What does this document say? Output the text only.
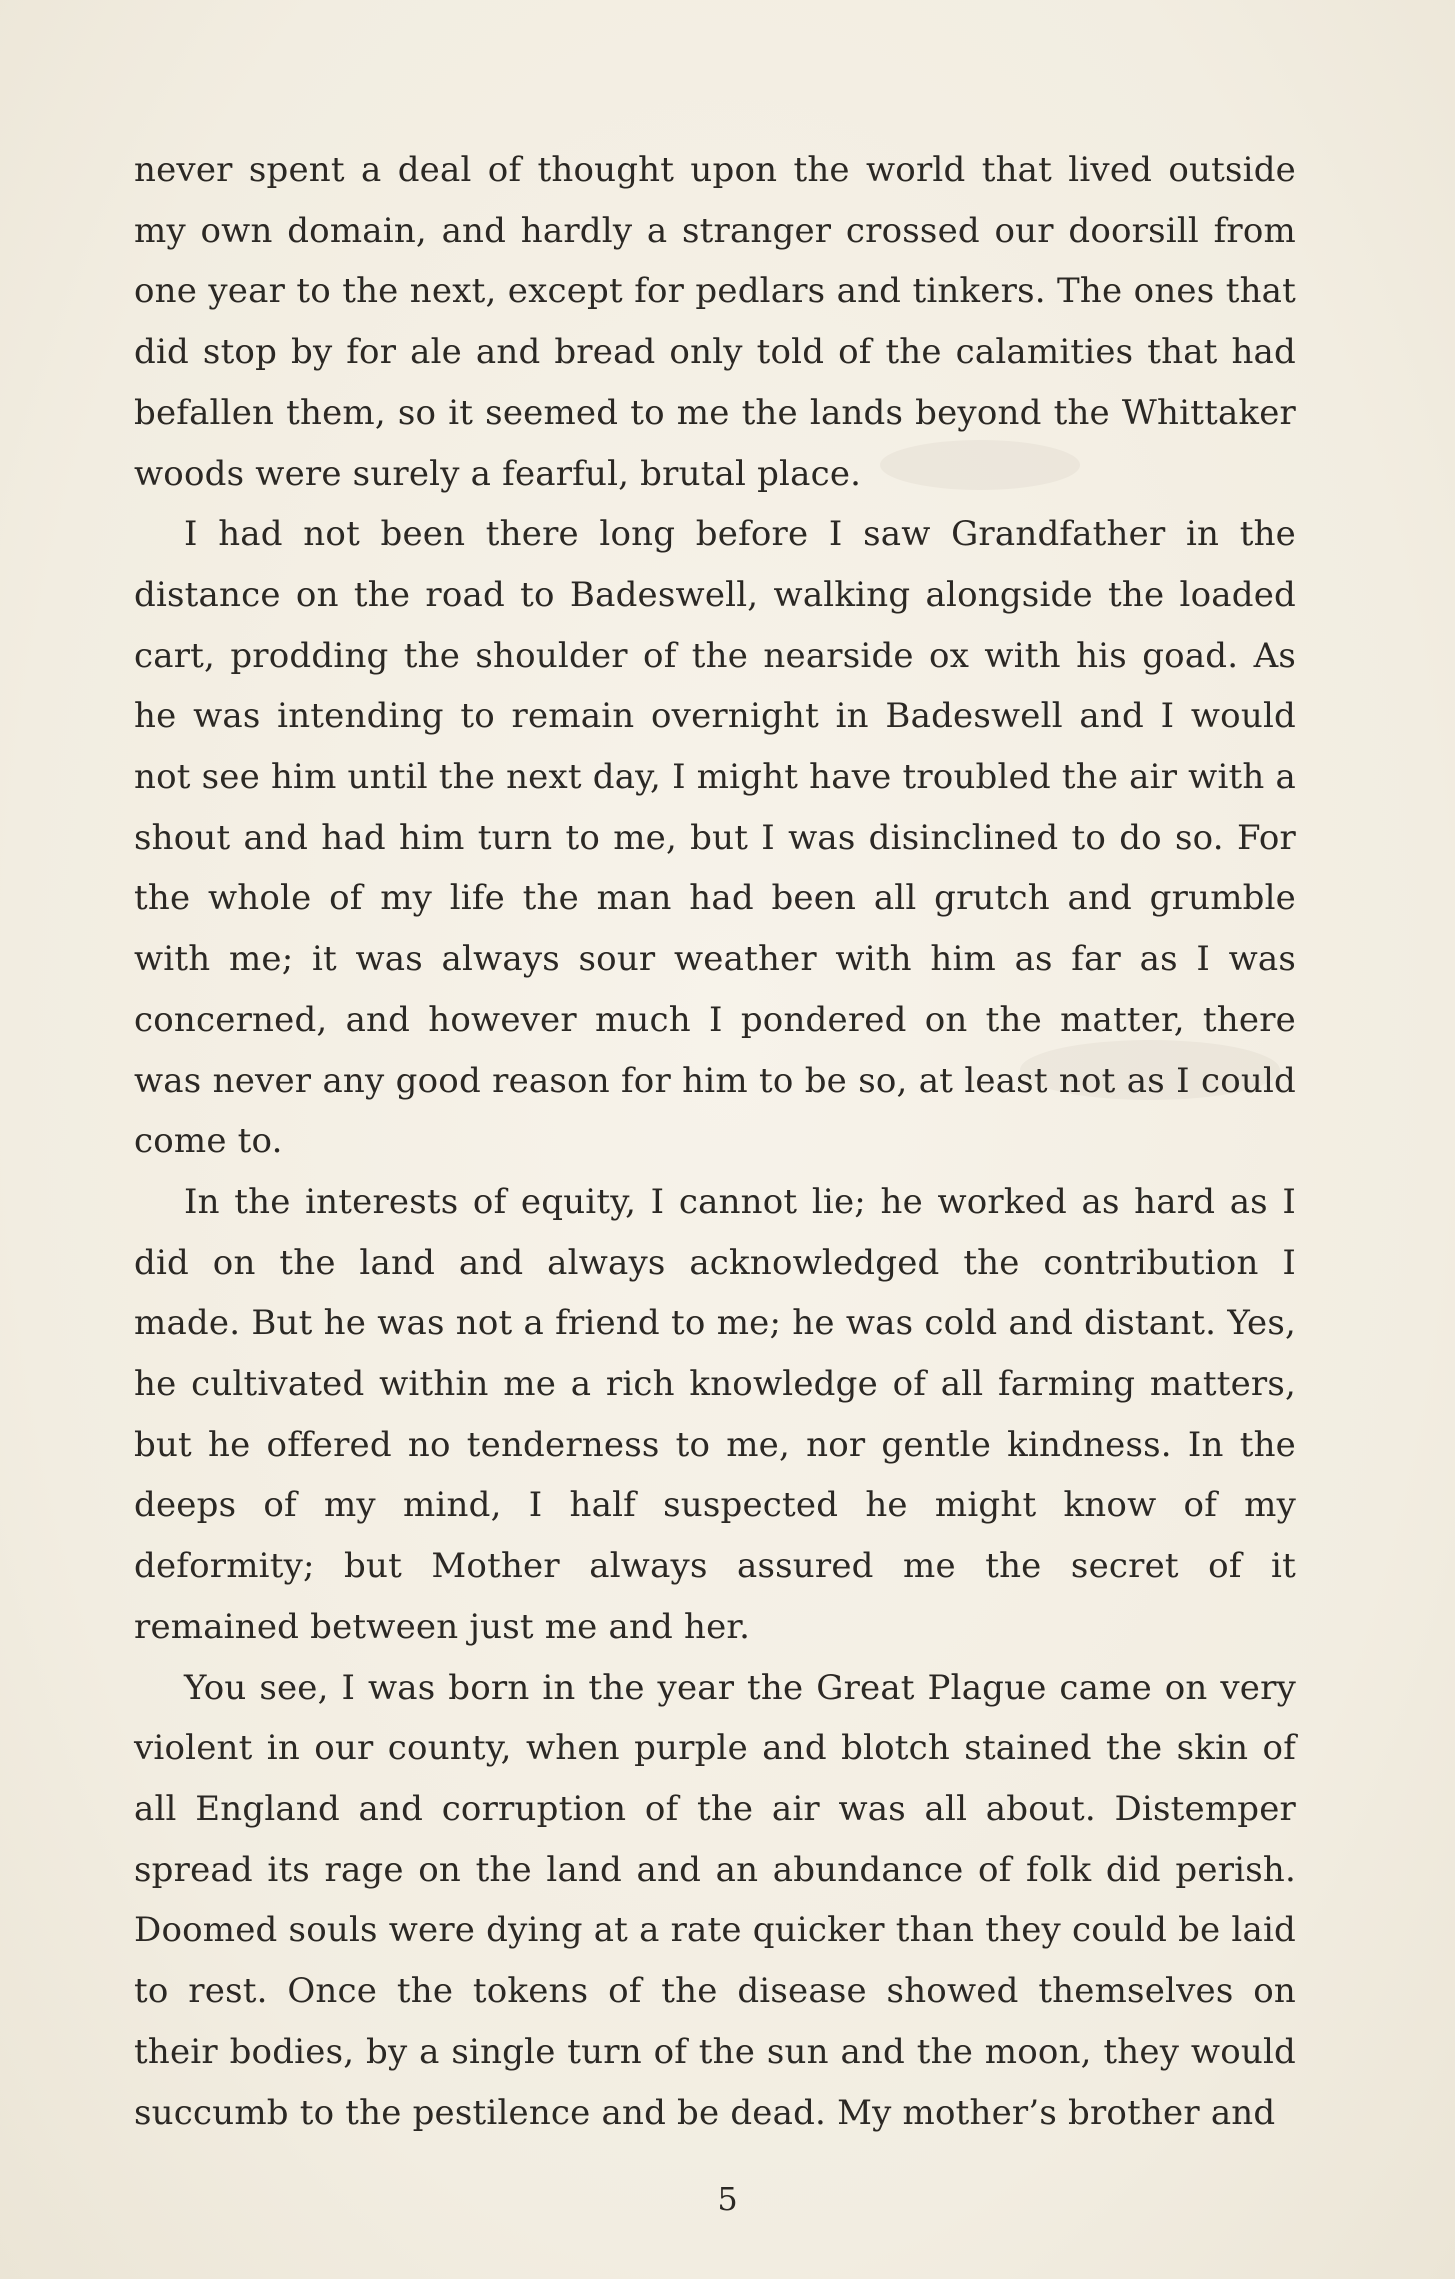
never spent a deal of thought upon the world that lived outside my own domain, and hardly a stranger crossed our doorsill from one year to the next, except for pedlars and tinkers. The ones that did stop by for ale and bread only told of the calamities that had befallen them, so it seemed to me the lands beyond the Whittaker woods were surely a fearful, brutal place.

I had not been there long before I saw Grandfather in the distance on the road to Badeswell, walking alongside the loaded cart, prodding the shoulder of the nearside ox with his goad. As he was intending to remain overnight in Badeswell and I would not see him until the next day, I might have troubled the air with a shout and had him turn to me, but I was disinclined to do so. For the whole of my life the man had been all grutch and grumble with me; it was always sour weather with him as far as I was concerned, and however much I pondered on the matter, there was never any good reason for him to be so, at least not as I could come to.

In the interests of equity, I cannot lie; he worked as hard as I did on the land and always acknowledged the contribution I made. But he was not a friend to me; he was cold and distant. Yes, he cultivated within me a rich knowledge of all farming matters, but he offered no tenderness to me, nor gentle kindness. In the deeps of my mind, I half suspected he might know of my deformity; but Mother always assured me the secret of it remained between just me and her.

You see, I was born in the year the Great Plague came on very violent in our county, when purple and blotch stained the skin of all England and corruption of the air was all about. Distemper spread its rage on the land and an abundance of folk did perish. Doomed souls were dying at a rate quicker than they could be laid to rest. Once the tokens of the disease showed themselves on their bodies, by a single turn of the sun and the moon, they would succumb to the pestilence and be dead. My mother’s brother and

5
